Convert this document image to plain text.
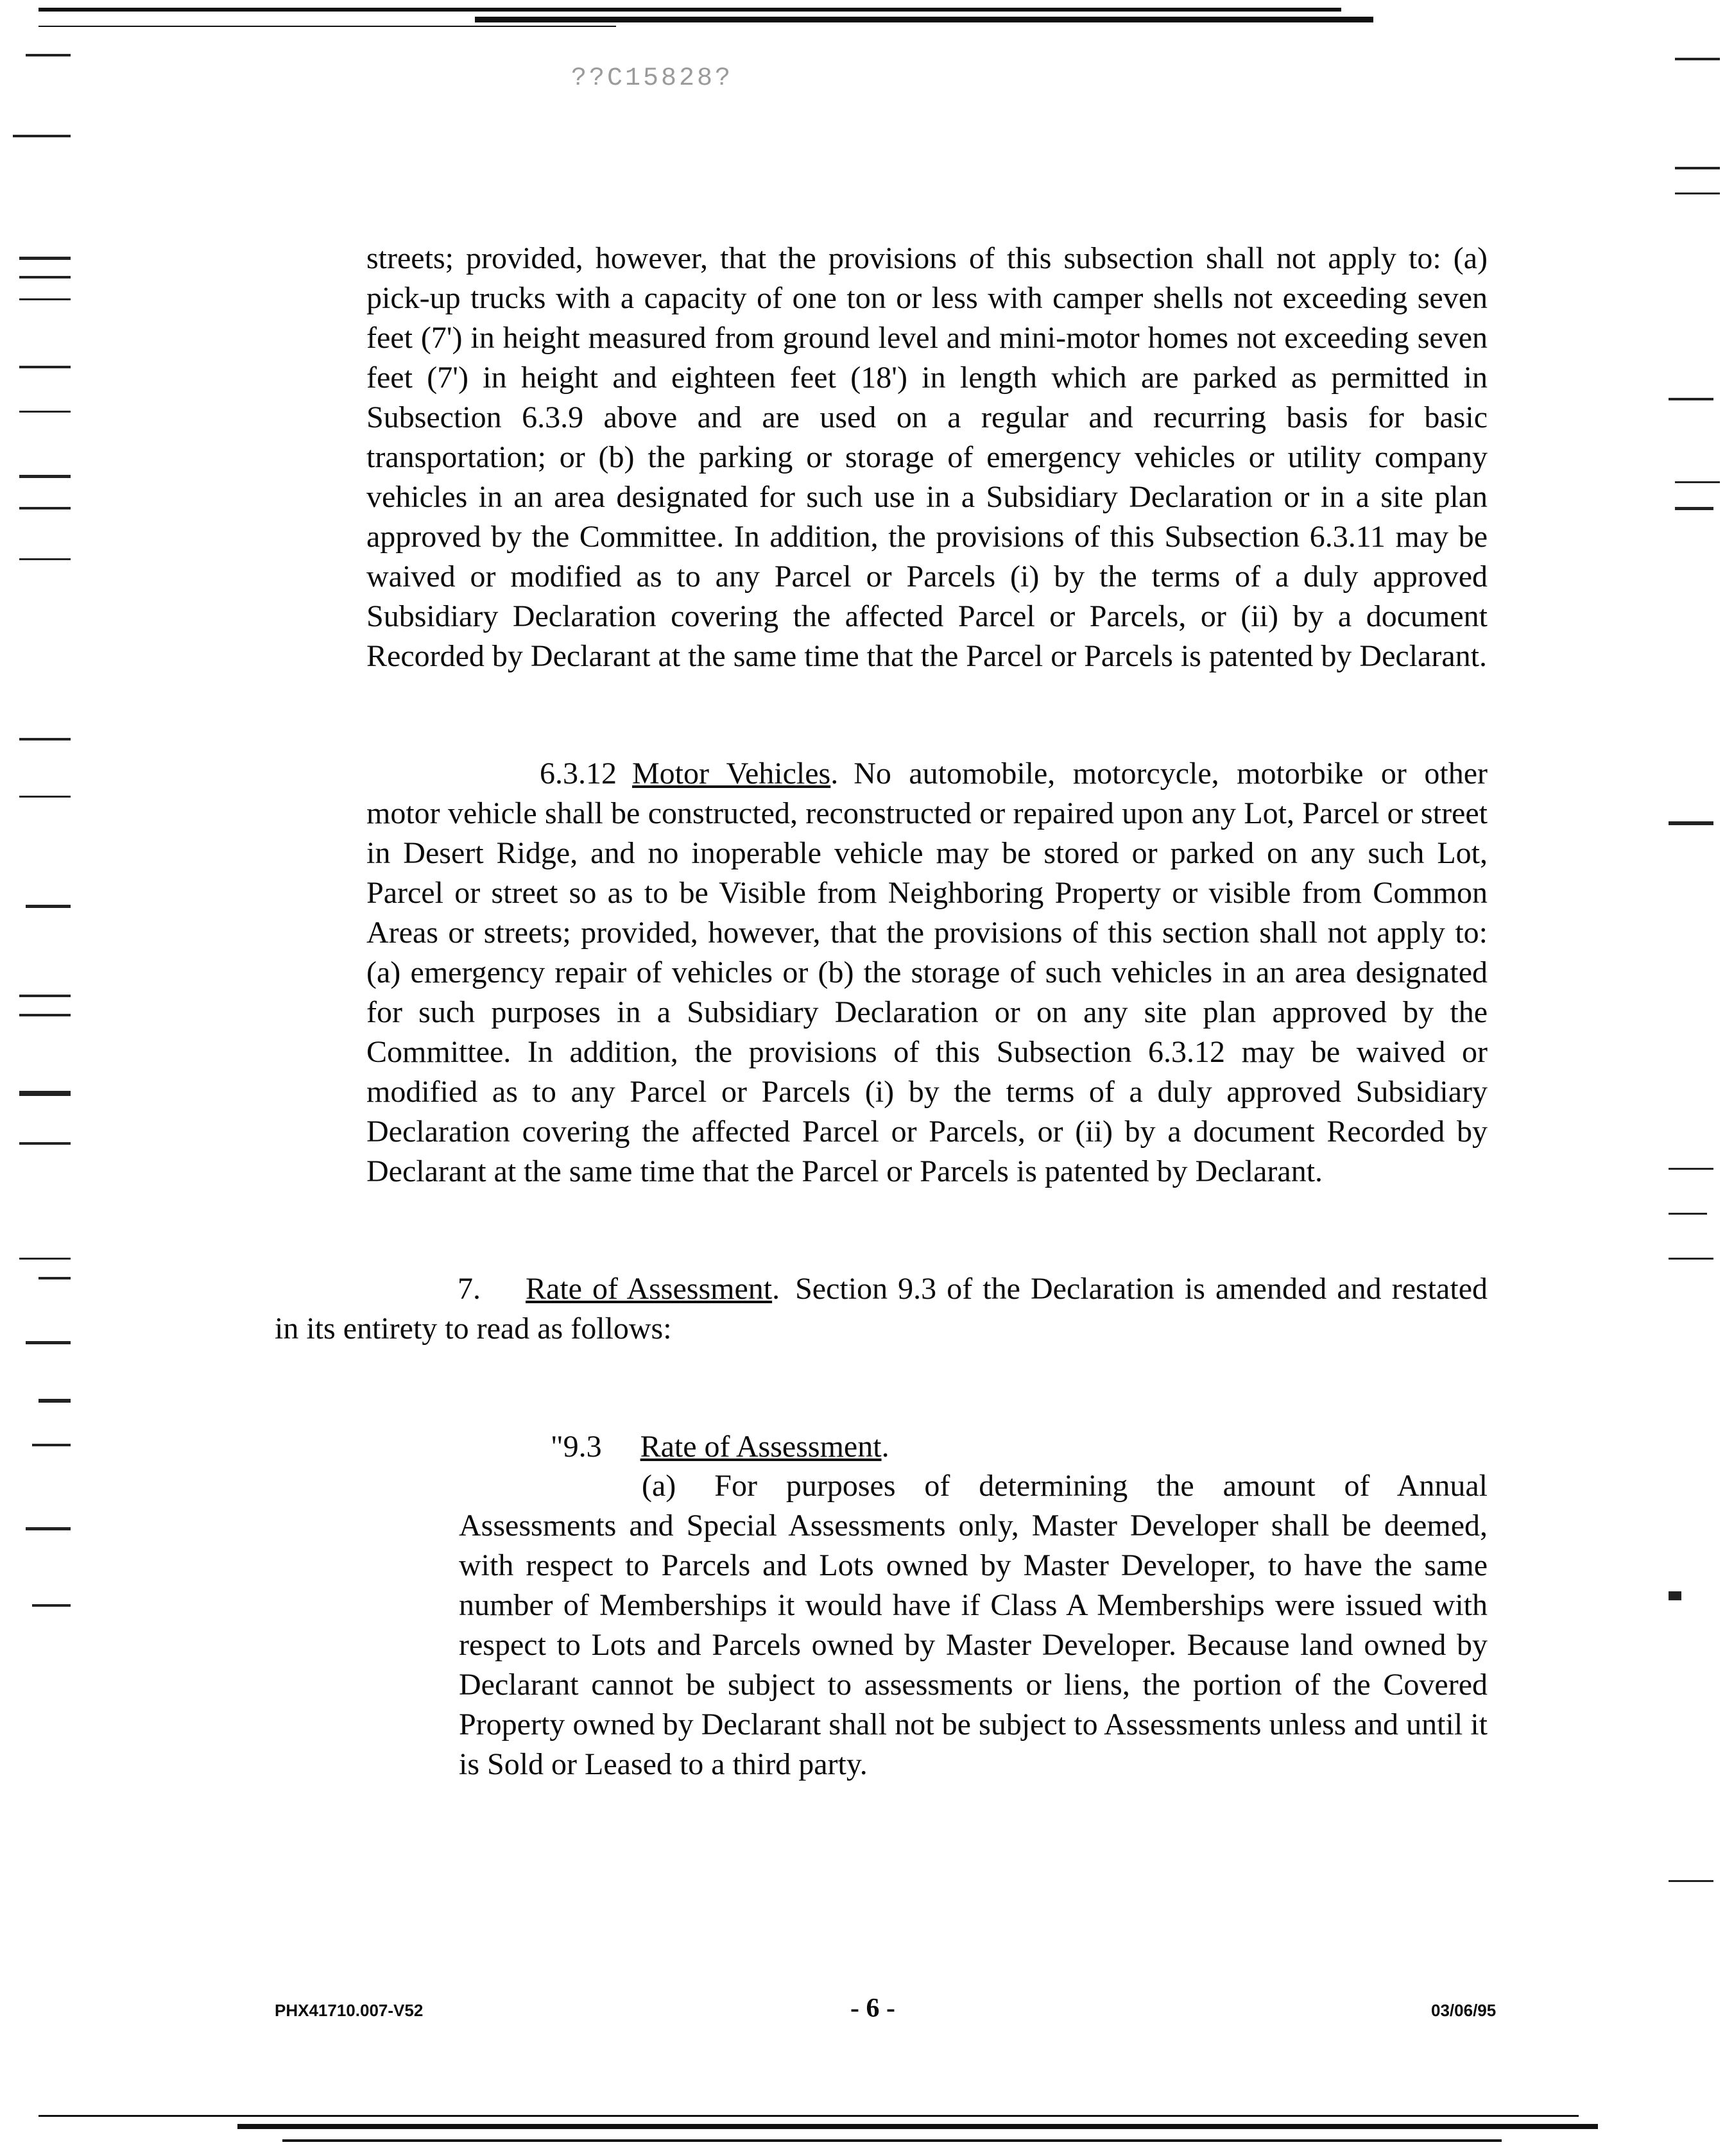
??C15828?

streets; provided, however, that the provisions of this subsection shall not apply to: (a) pick-up trucks with a capacity of one ton or less with camper shells not exceeding seven feet (7') in height measured from ground level and mini-motor homes not exceeding seven feet (7') in height and eighteen feet (18') in length which are parked as permitted in Subsection 6.3.9 above and are used on a regular and recurring basis for basic transportation; or (b) the parking or storage of emergency vehicles or utility company vehicles in an area designated for such use in a Subsidiary Declaration or in a site plan approved by the Committee. In addition, the provisions of this Subsection 6.3.11 may be waived or modified as to any Parcel or Parcels (i) by the terms of a duly approved Subsidiary Declaration covering the affected Parcel or Parcels, or (ii) by a document Recorded by Declarant at the same time that the Parcel or Parcels is patented by Declarant.

6.3.12 Motor Vehicles. No automobile, motorcycle, motorbike or other motor vehicle shall be constructed, reconstructed or repaired upon any Lot, Parcel or street in Desert Ridge, and no inoperable vehicle may be stored or parked on any such Lot, Parcel or street so as to be Visible from Neighboring Property or visible from Common Areas or streets; provided, however, that the provisions of this section shall not apply to: (a) emergency repair of vehicles or (b) the storage of such vehicles in an area designated for such purposes in a Subsidiary Declaration or on any site plan approved by the Committee. In addition, the provisions of this Subsection 6.3.12 may be waived or modified as to any Parcel or Parcels (i) by the terms of a duly approved Subsidiary Declaration covering the affected Parcel or Parcels, or (ii) by a document Recorded by Declarant at the same time that the Parcel or Parcels is patented by Declarant.

7. Rate of Assessment. Section 9.3 of the Declaration is amended and restated in its entirety to read as follows:

"9.3 Rate of Assessment.

(a) For purposes of determining the amount of Annual Assessments and Special Assessments only, Master Developer shall be deemed, with respect to Parcels and Lots owned by Master Developer, to have the same number of Memberships it would have if Class A Memberships were issued with respect to Lots and Parcels owned by Master Developer. Because land owned by Declarant cannot be subject to assessments or liens, the portion of the Covered Property owned by Declarant shall not be subject to Assessments unless and until it is Sold or Leased to a third party.

PHX41710.007-V52	- 6 -	03/06/95
